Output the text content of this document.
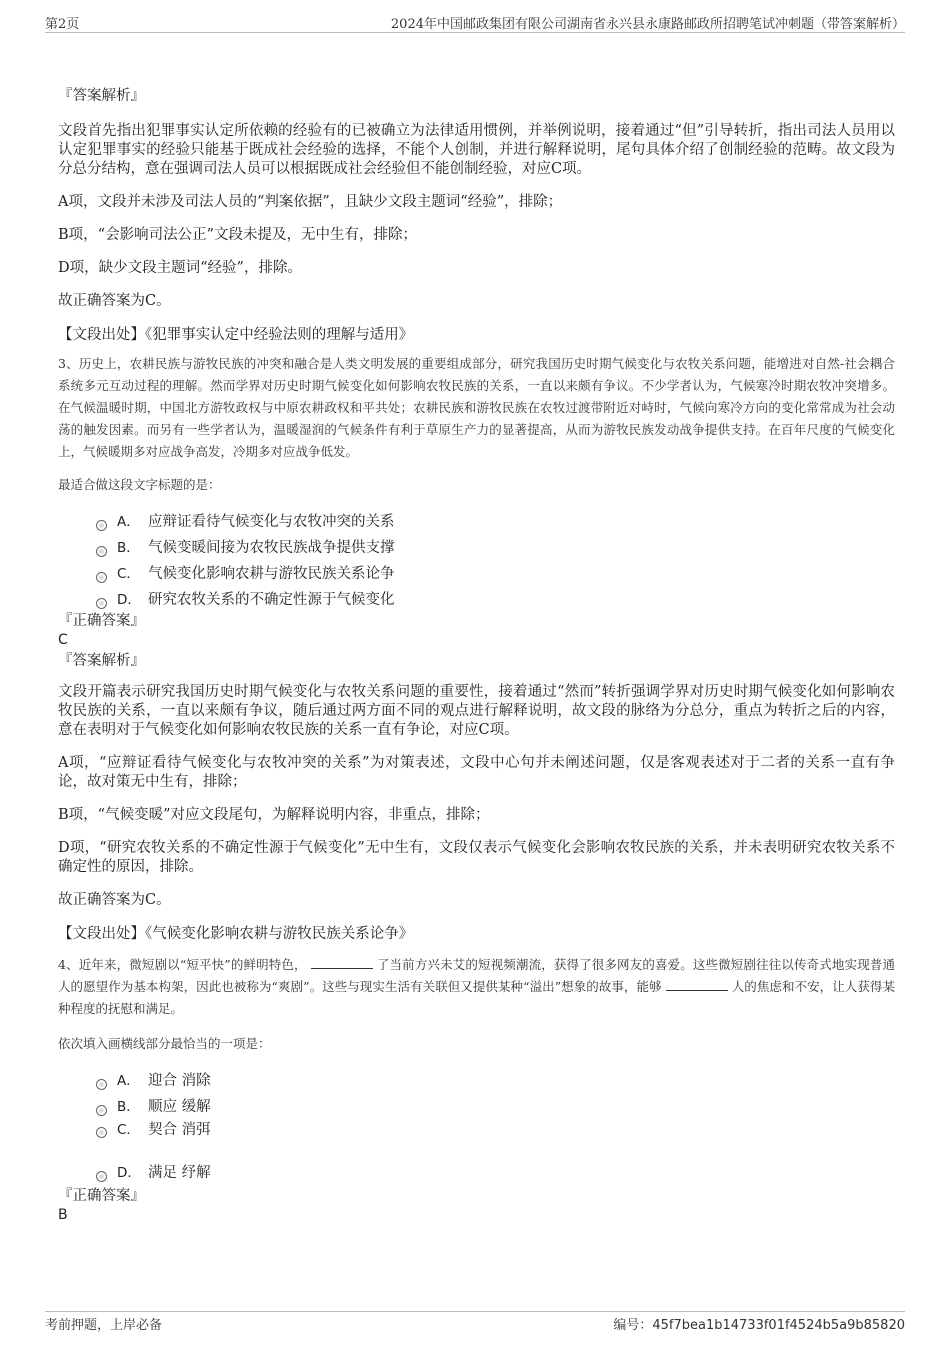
第2页	2024年中国邮政集团有限公司湖南省永兴县永康路邮政所招聘笔试冲刺题（带答案解析）
『答案解析』
文段首先指出犯罪事实认定所依赖的经验有的已被确立为法律适用惯例，并举例说明，接着通过“但”引导转折，指出司法人员用以认定犯罪事实的经验只能基于既成社会经验的选择，不能个人创制，并进行解释说明，尾句具体介绍了创制经验的范畴。故文段为分总分结构，意在强调司法人员可以根据既成社会经验但不能创制经验，对应C项。
A项，文段并未涉及司法人员的“判案依据”，且缺少文段主题词“经验”，排除；
B项，“会影响司法公正”文段未提及，无中生有，排除；
D项，缺少文段主题词“经验”，排除。
故正确答案为C。
【文段出处】《犯罪事实认定中经验法则的理解与适用》
3、历史上，农耕民族与游牧民族的冲突和融合是人类文明发展的重要组成部分，研究我国历史时期气候变化与农牧关系问题，能增进对自然-社会耦合系统多元互动过程的理解。然而学界对历史时期气候变化如何影响农牧民族的关系，一直以来颇有争议。不少学者认为，气候寒冷时期农牧冲突增多。在气候温暖时期，中国北方游牧政权与中原农耕政权和平共处；农耕民族和游牧民族在农牧过渡带附近对峙时，气候向寒冷方向的变化常常成为社会动荡的触发因素。而另有一些学者认为，温暖湿润的气候条件有利于草原生产力的显著提高，从而为游牧民族发动战争提供支持。在百年尺度的气候变化上，气候暖期多对应战争高发，冷期多对应战争低发。
最适合做这段文字标题的是：
A． 应辩证看待气候变化与农牧冲突的关系
B． 气候变暖间接为农牧民族战争提供支撑
C． 气候变化影响农耕与游牧民族关系论争
D． 研究农牧关系的不确定性源于气候变化
『正确答案』
C
『答案解析』
文段开篇表示研究我国历史时期气候变化与农牧关系问题的重要性，接着通过“然而”转折强调学界对历史时期气候变化如何影响农牧民族的关系，一直以来颇有争议，随后通过两方面不同的观点进行解释说明，故文段的脉络为分总分，重点为转折之后的内容，意在表明对于气候变化如何影响农牧民族的关系一直有争论，对应C项。
A项，“应辩证看待气候变化与农牧冲突的关系”为对策表述，文段中心句并未阐述问题，仅是客观表述对于二者的关系一直有争论，故对策无中生有，排除；
B项，“气候变暖”对应文段尾句，为解释说明内容，非重点，排除；
D项，“研究农牧关系的不确定性源于气候变化”无中生有，文段仅表示气候变化会影响农牧民族的关系，并未表明研究农牧关系不确定性的原因，排除。
故正确答案为C。
【文段出处】《气候变化影响农耕与游牧民族关系论争》
4、近年来，微短剧以“短平快”的鲜明特色，	了当前方兴未艾的短视频潮流，获得了很多网友的喜爱。这些微短剧往往以传奇式地实现普通人的愿望作为基本构架，因此也被称为“爽剧”。这些与现实生活有关联但又提供某种“溢出”想象的故事，能够	人的焦虑和不安，让人获得某种程度的抚慰和满足。
依次填入画横线部分最恰当的一项是：
A． 迎合 消除
B． 顺应 缓解
C． 契合 消弭
D． 满足 纾解
『正确答案』
B
考前押题，上岸必备	编号：45f7bea1b14733f01f4524b5a9b85820
